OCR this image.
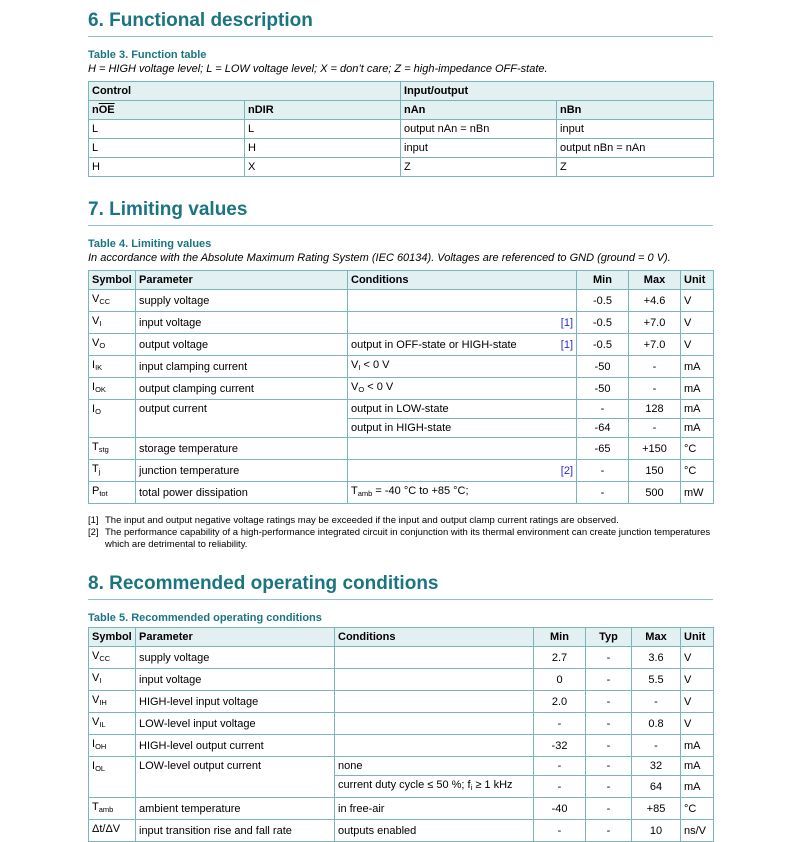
6. Functional description
Table 3. Function table
H = HIGH voltage level; L = LOW voltage level; X = don’t care; Z = high-impedance OFF-state.
Control		Input/output	
$n\overline{OE}$	nDIR	nAn	nBn
L	L	output nAn = nBn	input
L	H	input	output nBn = nAn
H	X	Z	Z
7. Limiting values
Table 4. Limiting values
In accordance with the Absolute Maximum Rating System (IEC 60134). Voltages are referenced to GND (ground = 0 V).
Symbol	Parameter	Conditions	Min	Max	Unit
$V_{CC}$	supply voltage		-0.5	+4.6	V
$V_I$	input voltage	[1]	-0.5	+7.0	V
$V_O$	output voltage	output in OFF-state or HIGH-state [1]	-0.5	+7.0	V
$I_{IK}$	input clamping current	$V_I < 0$ V	-50	-	mA
$I_{OK}$	output clamping current	$V_O < 0$ V	-50	-	mA
$I_O$	output current	output in LOW-state	-	128	mA
		output in HIGH-state	-64	-	mA
$T_{stg}$	storage temperature		-65	+150	°C
$T_j$	junction temperature	[2]	-	150	°C
$P_{tot}$	total power dissipation	$T_{amb} = -40$ °C to +85 °C;	-	500	mW
[1] The input and output negative voltage ratings may be exceeded if the input and output clamp current ratings are observed.
[2] The performance capability of a high-performance integrated circuit in conjunction with its thermal environment can create junction temperatures which are detrimental to reliability.
8. Recommended operating conditions
Table 5. Recommended operating conditions
Symbol	Parameter	Conditions	Min	Typ	Max	Unit
$V_{CC}$	supply voltage		2.7	-	3.6	V
$V_I$	input voltage		0	-	5.5	V
$V_{IH}$	HIGH-level input voltage		2.0	-	-	V
$V_{IL}$	LOW-level input voltage		-	-	0.8	V
$I_{OH}$	HIGH-level output current		-32	-	-	mA
$I_{OL}$	LOW-level output current	none	-	-	32	mA
		current duty cycle ≤ 50 %; $f_i \ge 1$ kHz	-	-	64	mA
$T_{amb}$	ambient temperature	in free-air	-40	-	+85	°C
Δt/ΔV	input transition rise and fall rate	outputs enabled	-	-	10	ns/V
